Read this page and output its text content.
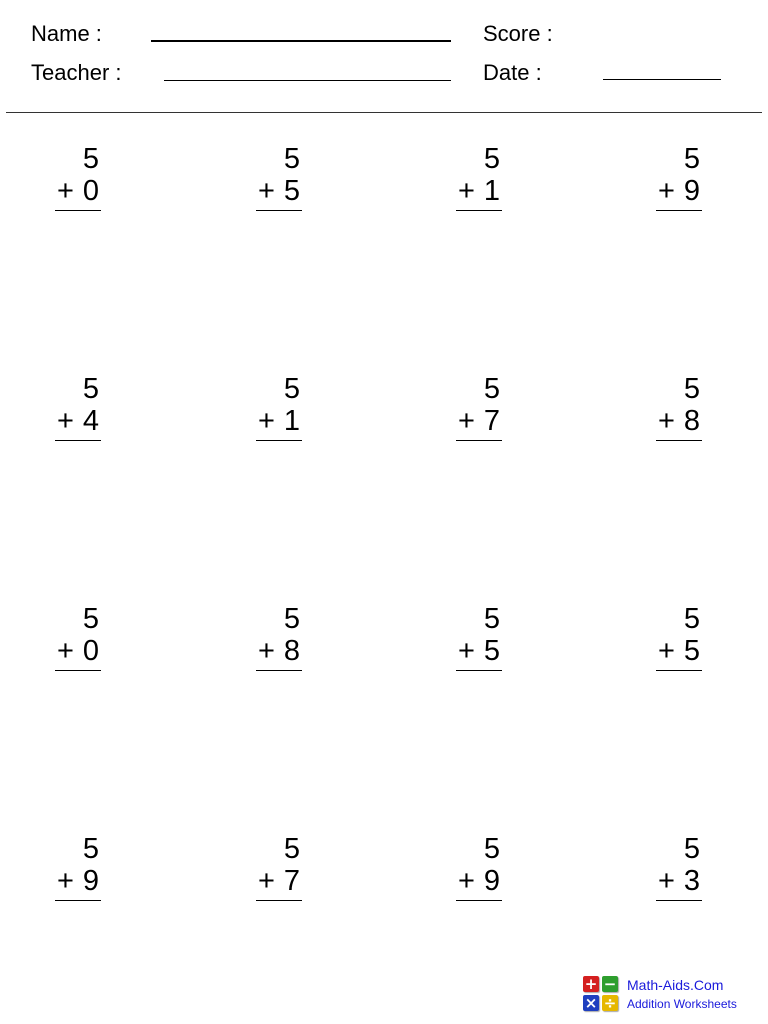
Name :
Teacher :
Score :
Date :
5
+ 0
5
+ 5
5
+ 1
5
+ 9
5
+ 4
5
+ 1
5
+ 7
5
+ 8
5
+ 0
5
+ 8
5
+ 5
5
+ 5
5
+ 9
5
+ 7
5
+ 9
5
+ 3
+ −
× ÷
Math-Aids.Com
Addition Worksheets
